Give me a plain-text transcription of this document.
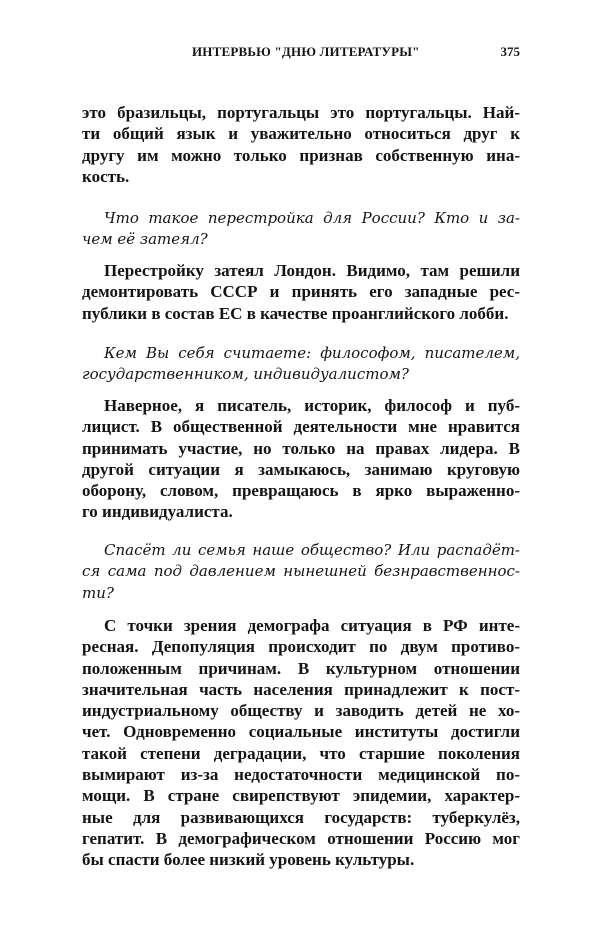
ИНТЕРВЬЮ "ДНЮ ЛИТЕРАТУРЫ"	375
это бразильцы, португальцы это португальцы. Най-
ти общий язык и уважительно относиться друг к
другу им можно только признав собственную ина-
кость.
Что такое перестройка для России? Кто и за-
чем её затеял?
Перестройку затеял Лондон. Видимо, там решили
демонтировать СССР и принять его западные рес-
публики в состав ЕС в качестве проанглийского лобби.
Кем Вы себя считаете: философом, писателем,
государственником, индивидуалистом?
Наверное, я писатель, историк, философ и пуб-
лицист. В общественной деятельности мне нравится
принимать участие, но только на правах лидера. В
другой ситуации я замыкаюсь, занимаю круговую
оборону, словом, превращаюсь в ярко выраженно-
го индивидуалиста.
Спасёт ли семья наше общество? Или распадёт-
ся сама под давлением нынешней безнравственнос-
ти?
С точки зрения демографа ситуация в РФ инте-
ресная. Депопуляция происходит по двум противо-
положенным причинам. В культурном отношении
значительная часть населения принадлежит к пост-
индустриальному обществу и заводить детей не хо-
чет. Одновременно социальные институты достигли
такой степени деградации, что старшие поколения
вымирают из-за недостаточности медицинской по-
мощи. В стране свирепствуют эпидемии, характер-
ные для развивающихся государств: туберкулёз,
гепатит. В демографическом отношении Россию мог
бы спасти более низкий уровень культуры.
